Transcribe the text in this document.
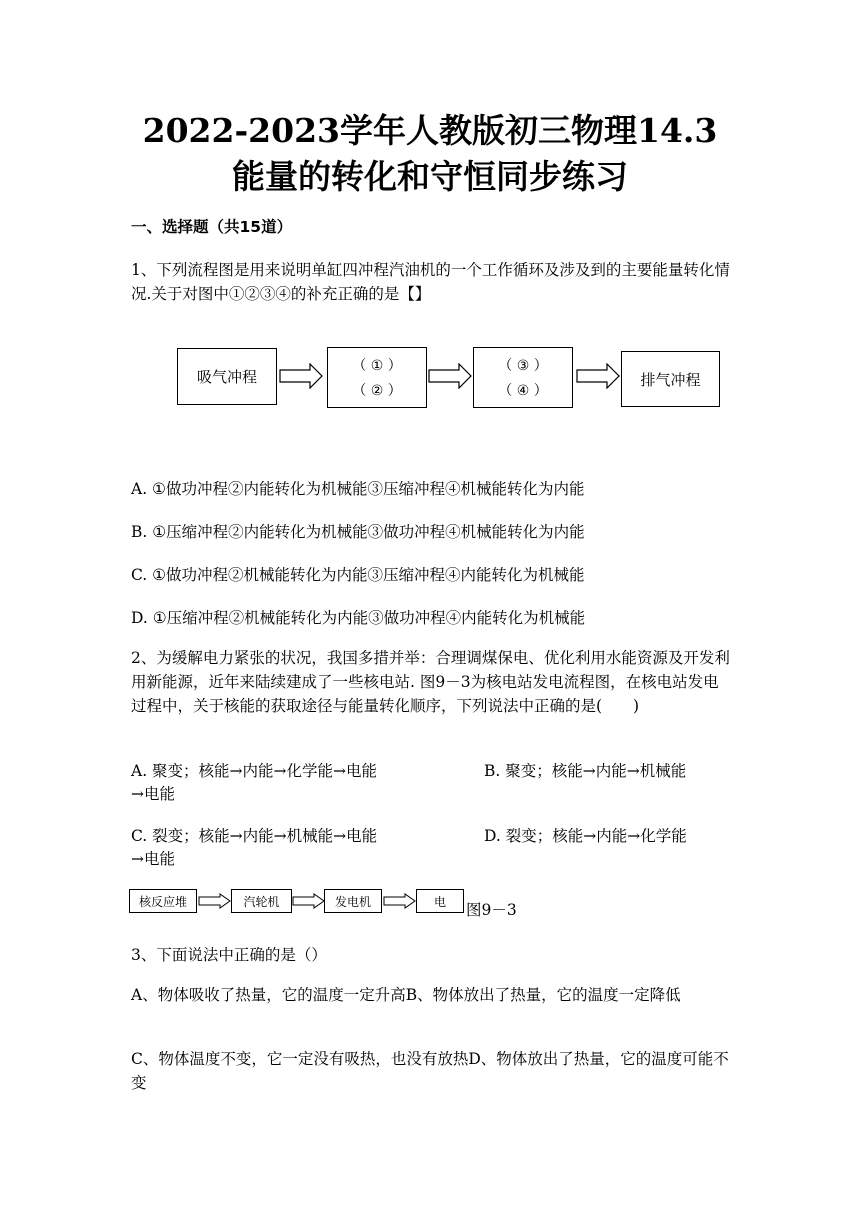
2022-2023学年人教版初三物理14.3
能量的转化和守恒同步练习
一、选择题（共15道）
1、下列流程图是用来说明单缸四冲程汽油机的一个工作循环及涉及到的主要能量转化情况.关于对图中①②③④的补充正确的是【】
吸气冲程
（ ① ）
（ ② ）
（ ③ ）
（ ④ ）
排气冲程
A. ①做功冲程②内能转化为机械能③压缩冲程④机械能转化为内能
B. ①压缩冲程②内能转化为机械能③做功冲程④机械能转化为内能
C. ①做功冲程②机械能转化为内能③压缩冲程④内能转化为机械能
D. ①压缩冲程②机械能转化为内能③做功冲程④内能转化为机械能
2、为缓解电力紧张的状况，我国多措并举：合理调煤保电、优化利用水能资源及开发利用新能源，近年来陆续建成了一些核电站. 图9－3为核电站发电流程图，在核电站发电过程中，关于核能的获取途径与能量转化顺序，下列说法中正确的是(　　)
A. 聚变；核能→内能→化学能→电能	B. 聚变；核能→内能→机械能
→电能
C. 裂变；核能→内能→机械能→电能	D. 裂变；核能→内能→化学能
→电能
核反应堆	汽轮机	发电机	电 图9－3
3、下面说法中正确的是（）
A、物体吸收了热量，它的温度一定升高B、物体放出了热量，它的温度一定降低
C、物体温度不变，它一定没有吸热，也没有放热D、物体放出了热量，它的温度可能不变
